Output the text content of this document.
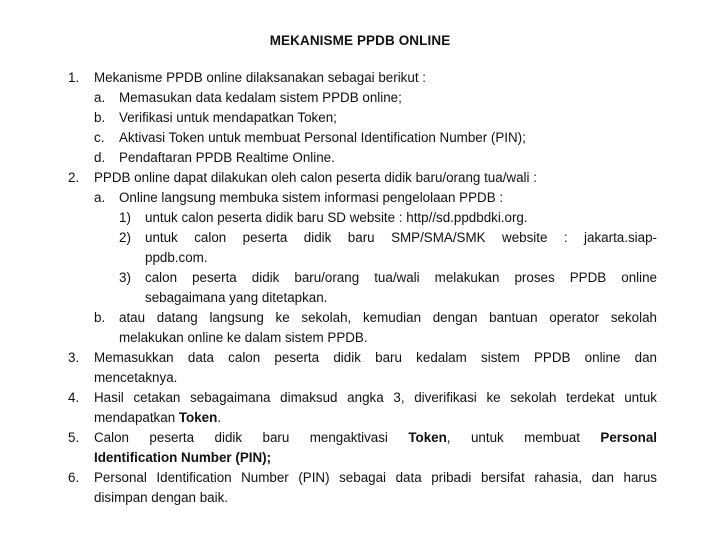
MEKANISME PPDB ONLINE
1.	Mekanisme PPDB online dilaksanakan sebagai berikut :
a.	Memasukan data kedalam sistem PPDB online;
b.	Verifikasi untuk mendapatkan Token;
c.	Aktivasi Token untuk membuat Personal Identification Number (PIN);
d.	Pendaftaran PPDB Realtime Online.
2.	PPDB online dapat dilakukan oleh calon peserta didik baru/orang tua/wali :
a.	Online langsung membuka sistem informasi pengelolaan PPDB :
1)	untuk calon peserta didik baru SD website : http//sd.ppdbdki.org.
2)	untuk calon peserta didik baru SMP/SMA/SMK website : jakarta.siap-
ppdb.com.
3)	calon peserta didik baru/orang tua/wali melakukan proses PPDB online
sebagaimana yang ditetapkan.
b.	atau datang langsung ke sekolah, kemudian dengan bantuan operator sekolah
melakukan online ke dalam sistem PPDB.
3.	Memasukkan data calon peserta didik baru kedalam sistem PPDB online dan
mencetaknya.
4.	Hasil cetakan sebagaimana dimaksud angka 3, diverifikasi ke sekolah terdekat untuk
mendapatkan Token.
5.	Calon peserta didik baru mengaktivasi Token, untuk membuat Personal
Identification Number (PIN);
6.	Personal Identification Number (PIN) sebagai data pribadi bersifat rahasia, dan harus
disimpan dengan baik.
